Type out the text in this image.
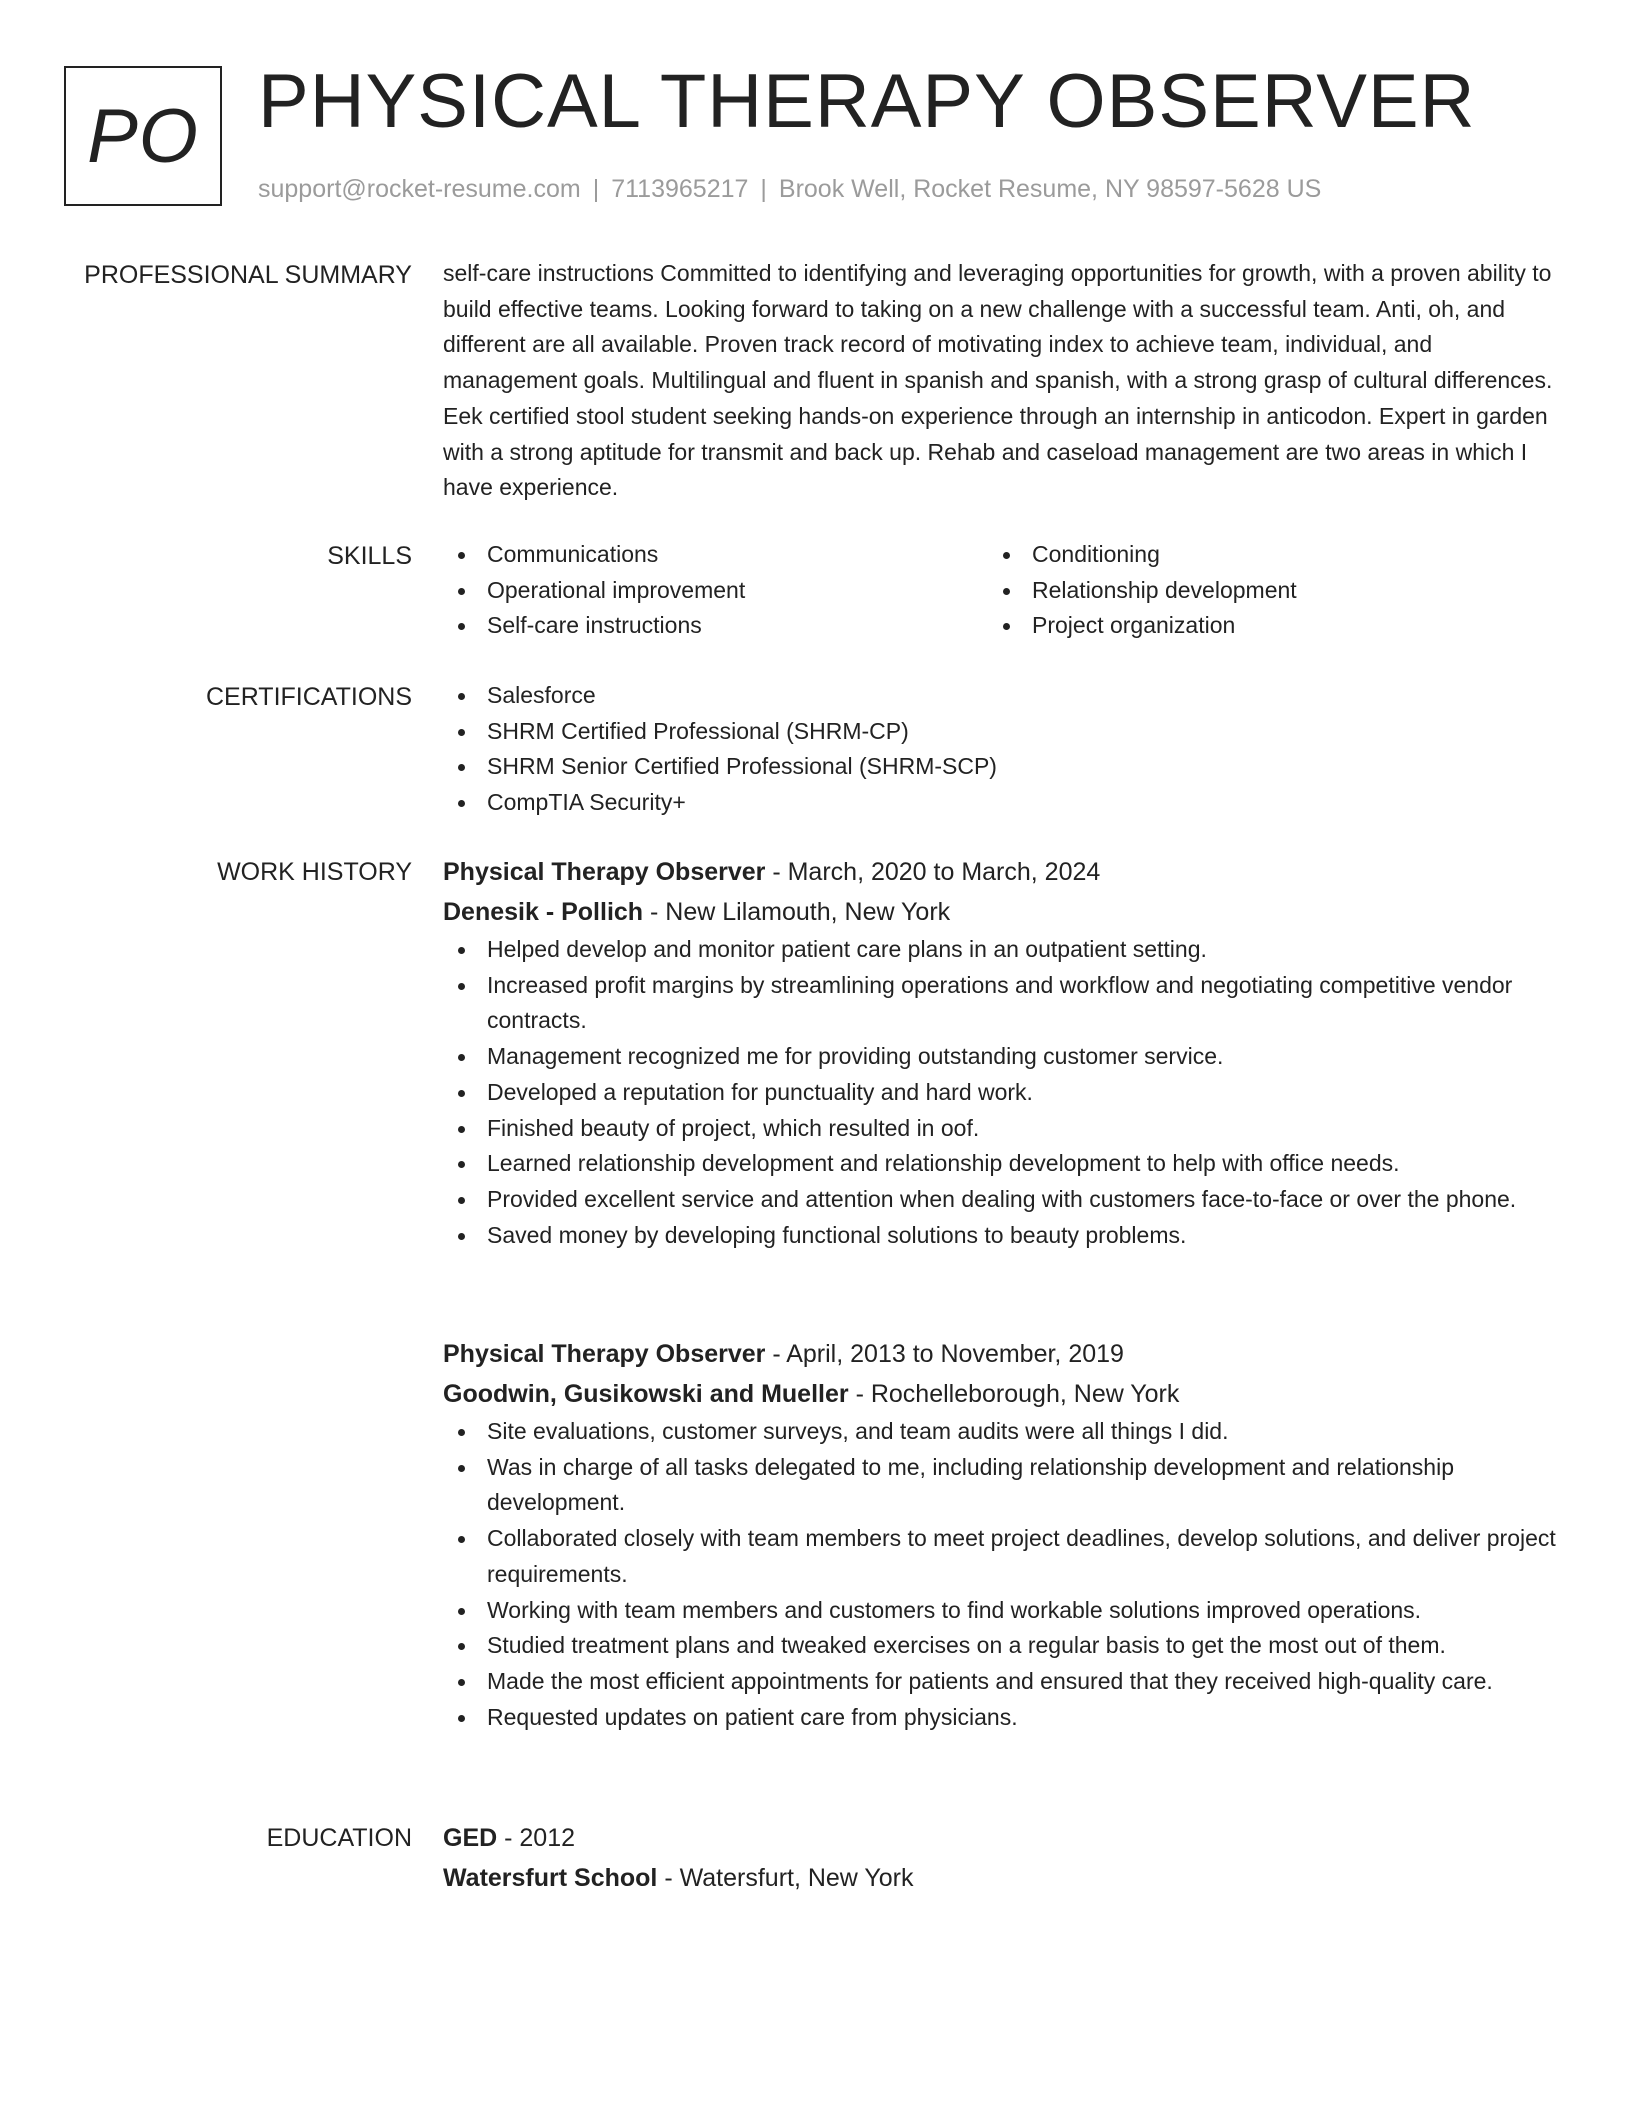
PO PHYSICAL THERAPY OBSERVER
support@rocket-resume.com | 7113965217 | Brook Well, Rocket Resume, NY 98597-5628 US
PROFESSIONAL SUMMARY self-care instructions Committed to identifying and leveraging opportunities for growth, with a proven ability to build effective teams. Looking forward to taking on a new challenge with a successful team. Anti, oh, and different are all available. Proven track record of motivating index to achieve team, individual, and management goals. Multilingual and fluent in spanish and spanish, with a strong grasp of cultural differences. Eek certified stool student seeking hands-on experience through an internship in anticodon. Expert in garden with a strong aptitude for transmit and back up. Rehab and caseload management are two areas in which I have experience.

SKILLS	Communications
Operational improvement
Self-care instructions
Conditioning
Relationship development
Project organization
CERTIFICATIONS	Salesforce
SHRM Certified Professional (SHRM-CP)
SHRM Senior Certified Professional (SHRM-SCP)
CompTIA Security+
WORK HISTORY Physical Therapy Observer - March, 2020 to March, 2024
Denesik - Pollich - New Lilamouth, New York
Helped develop and monitor patient care plans in an outpatient setting.
Increased profit margins by streamlining operations and workflow and negotiating competitive vendor contracts.
Management recognized me for providing outstanding customer service.
Developed a reputation for punctuality and hard work.
Finished beauty of project, which resulted in oof.
Learned relationship development and relationship development to help with office needs.
Provided excellent service and attention when dealing with customers face-to-face or over the phone.
Saved money by developing functional solutions to beauty problems.
Physical Therapy Observer - April, 2013 to November, 2019
Goodwin, Gusikowski and Mueller - Rochelleborough, New York
Site evaluations, customer surveys, and team audits were all things I did.
Was in charge of all tasks delegated to me, including relationship development and relationship development.
Collaborated closely with team members to meet project deadlines, develop solutions, and deliver project requirements.
Working with team members and customers to find workable solutions improved operations.
Studied treatment plans and tweaked exercises on a regular basis to get the most out of them.
Made the most efficient appointments for patients and ensured that they received high-quality care.
Requested updates on patient care from physicians.
EDUCATION GED - 2012
Watersfurt School - Watersfurt, New York
